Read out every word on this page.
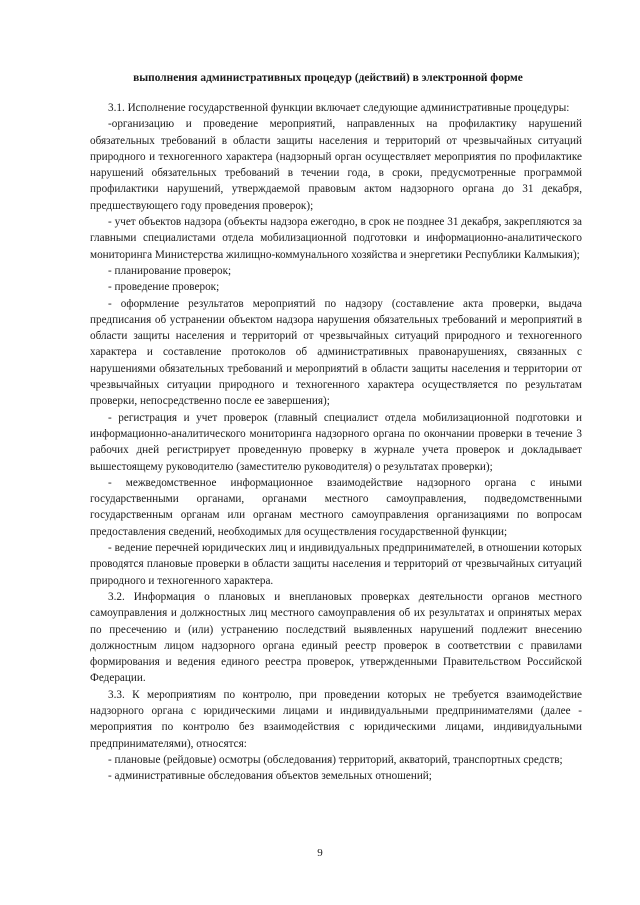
выполнения административных процедур (действий) в электронной форме

3.1. Исполнение государственной функции включает следующие административные процедуры:

-организацию и проведение мероприятий, направленных на профилактику нарушений обязательных требований в области защиты населения и территорий от чрезвычайных ситуаций природного и техногенного характера (надзорный орган осуществляет мероприятия по профилактике нарушений обязательных требований в течении года, в сроки, предусмотренные программой профилактики нарушений, утверждаемой правовым актом надзорного органа до 31 декабря, предшествующего году проведения проверок);

- учет объектов надзора (объекты надзора ежегодно, в срок не позднее 31 декабря, закрепляются за главными специалистами отдела мобилизационной подготовки и информационно-аналитического мониторинга Министерства жилищно-коммунального хозяйства и энергетики Республики Калмыкия);

- планирование проверок;

- проведение проверок;

- оформление результатов мероприятий по надзору (составление акта проверки, выдача предписания об устранении объектом надзора нарушения обязательных требований и мероприятий в области защиты населения и территорий от чрезвычайных ситуаций природного и техногенного характера и составление протоколов об административных правонарушениях, связанных с нарушениями обязательных требований и мероприятий в области защиты населения и территории от чрезвычайных ситуации природного и техногенного характера осуществляется по результатам проверки, непосредственно после ее завершения);

- регистрация и учет проверок (главный специалист отдела мобилизационной подготовки и информационно-аналитического мониторинга надзорного органа по окончании проверки в течение 3 рабочих дней регистрирует проведенную проверку в журнале учета проверок и докладывает вышестоящему руководителю (заместителю руководителя) о результатах проверки);

- межведомственное информационное взаимодействие надзорного органа с иными государственными органами, органами местного самоуправления, подведомственными государственным органам или органам местного самоуправления организациями по вопросам предоставления сведений, необходимых для осуществления государственной функции;

- ведение перечней юридических лиц и индивидуальных предпринимателей, в отношении которых проводятся плановые проверки в области защиты населения и территорий от чрезвычайных ситуаций природного и техногенного характера.

3.2. Информация о плановых и внеплановых проверках деятельности органов местного самоуправления и должностных лиц местного самоуправления об их результатах и опринятых мерах по пресечению и (или) устранению последствий выявленных нарушений подлежит внесению должностным лицом надзорного органа единый реестр проверок в соответствии с правилами формирования и ведения единого реестра проверок, утвержденными Правительством Российской Федерации.

3.3. К мероприятиям по контролю, при проведении которых не требуется взаимодействие надзорного органа с юридическими лицами и индивидуальными предпринимателями (далее - мероприятия по контролю без взаимодействия с юридическими лицами, индивидуальными предпринимателями), относятся:

- плановые (рейдовые) осмотры (обследования) территорий, акваторий, транспортных средств;

- административные обследования объектов земельных отношений;

9
